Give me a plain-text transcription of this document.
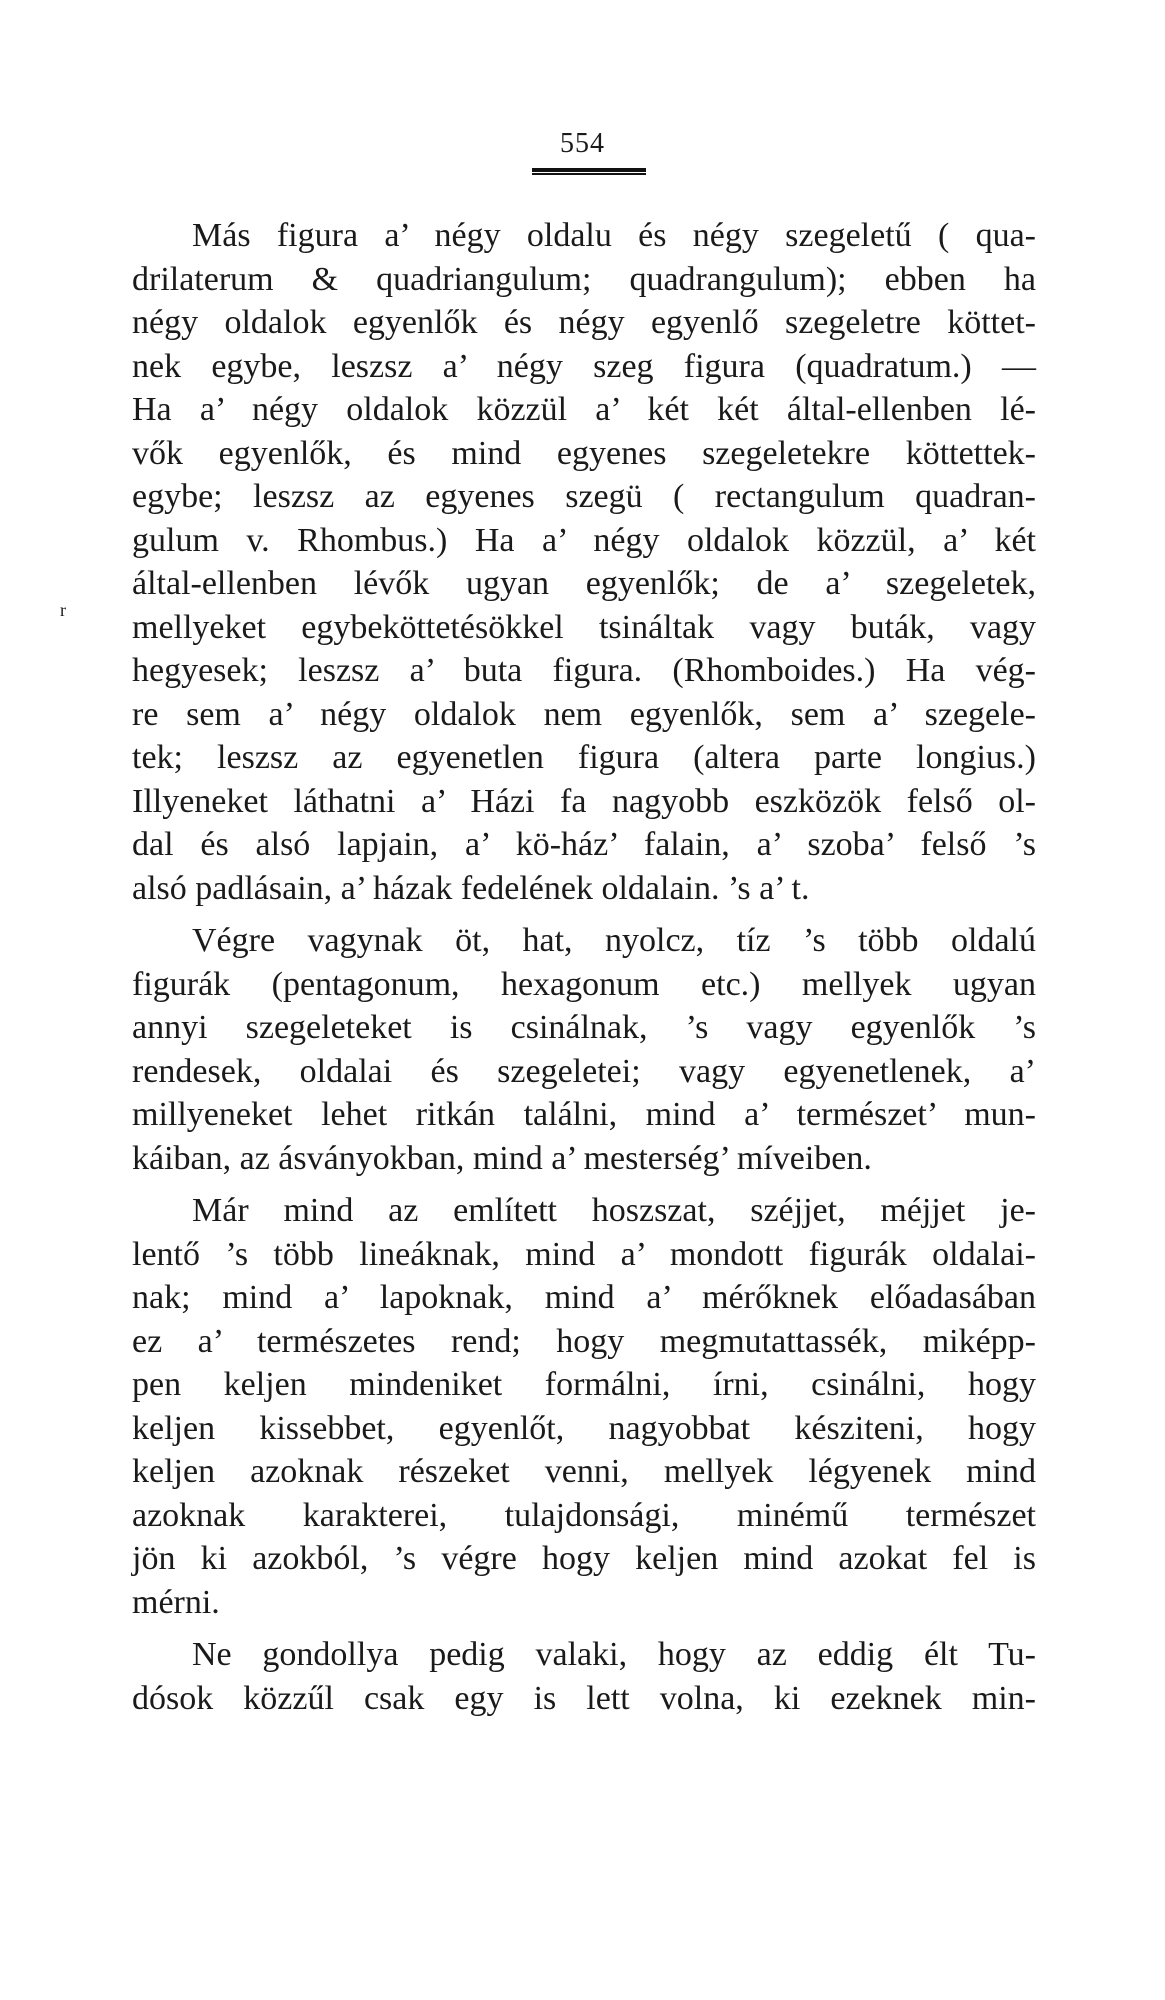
554
r
Más figura a’ négy oldalu és négy szegeletű ( qua-
drilaterum & quadriangulum; quadrangulum); ebben ha
négy oldalok egyenlők és négy egyenlő szegeletre köttet-
nek egybe, leszsz a’ négy szeg figura (quadratum.) —
Ha a’ négy oldalok közzül a’ két két által-ellenben lé-
vők egyenlők, és mind egyenes szegeletekre köttettek-
egybe; leszsz az egyenes szegü ( rectangulum quadran-
gulum v. Rhombus.) Ha a’ négy oldalok közzül, a’ két
által-ellenben lévők ugyan egyenlők; de a’ szegeletek,
mellyeket egybeköttetésökkel tsináltak vagy buták, vagy
hegyesek; leszsz a’ buta figura. (Rhomboides.) Ha vég-
re sem a’ négy oldalok nem egyenlők, sem a’ szegele-
tek; leszsz az egyenetlen figura (altera parte longius.)
Illyeneket láthatni a’ Házi fa nagyobb eszközök felső ol-
dal és alsó lapjain, a’ kö-ház’ falain, a’ szoba’ felső ’s
alsó padlásain, a’ házak fedelének oldalain. ’s a’ t.
Végre vagynak öt, hat, nyolcz, tíz ’s több oldalú
figurák (pentagonum, hexagonum etc.) mellyek ugyan
annyi szegeleteket is csinálnak, ’s vagy egyenlők ’s
rendesek, oldalai és szegeletei; vagy egyenetlenek, a’
millyeneket lehet ritkán találni, mind a’ természet’ mun-
káiban, az ásványokban, mind a’ mesterség’ míveiben.
Már mind az említett hoszszat, széjjet, méjjet je-
lentő ’s több lineáknak, mind a’ mondott figurák oldalai-
nak; mind a’ lapoknak, mind a’ mérőknek előadasában
ez a’ természetes rend; hogy megmutattassék, miképp-
pen keljen mindeniket formálni, írni, csinálni, hogy
keljen kissebbet, egyenlőt, nagyobbat késziteni, hogy
keljen azoknak részeket venni, mellyek légyenek mind
azoknak karakterei, tulajdonsági, minémű természet
jön ki azokból, ’s végre hogy keljen mind azokat fel is
mérni.
Ne gondollya pedig valaki, hogy az eddig élt Tu-
dósok közzűl csak egy is lett volna, ki ezeknek min-
